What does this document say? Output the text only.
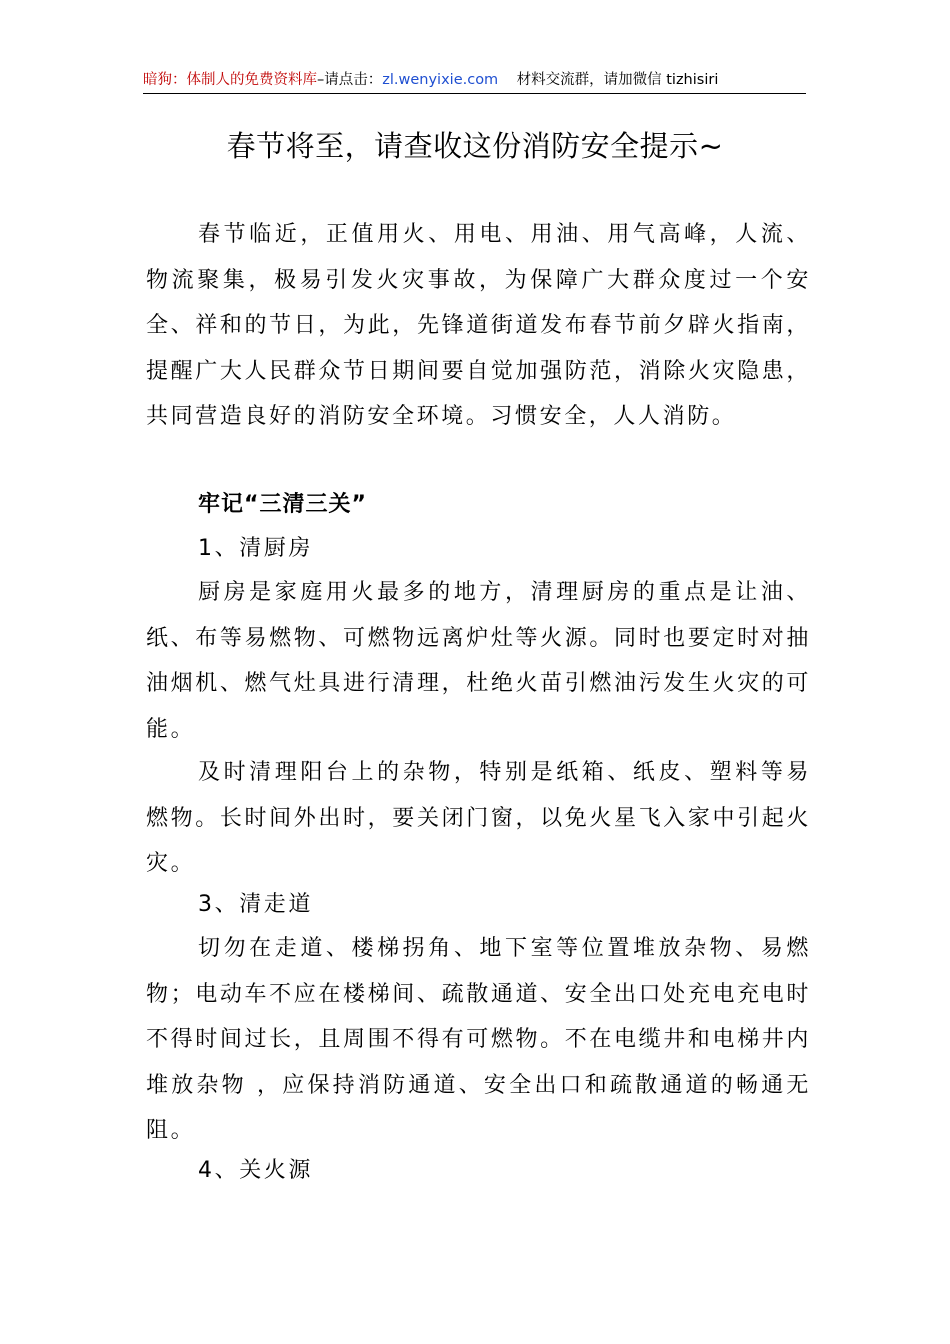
暗狗：体制人的免费资料库–请点击：zl.wenyixie.com 材料交流群，请加微信 tizhisiri
春节将至，请查收这份消防安全提示~

春节临近，正值用火、用电、用油、用气高峰，人流、物流聚集，极易引发火灾事故，为保障广大群众度过一个安全、祥和的节日，为此，先锋道街道发布春节前夕辟火指南，提醒广大人民群众节日期间要自觉加强防范，消除火灾隐患，共同营造良好的消防安全环境。习惯安全，人人消防。

牢记“三清三关”

1、清厨房

厨房是家庭用火最多的地方，清理厨房的重点是让油、纸、布等易燃物、可燃物远离炉灶等火源。同时也要定时对抽油烟机、燃气灶具进行清理，杜绝火苗引燃油污发生火灾的可能。

及时清理阳台上的杂物，特别是纸箱、纸皮、塑料等易燃物。长时间外出时，要关闭门窗，以免火星飞入家中引起火灾。

3、清走道

切勿在走道、楼梯拐角、地下室等位置堆放杂物、易燃物；电动车不应在楼梯间、疏散通道、安全出口处充电充电时不得时间过长，且周围不得有可燃物。不在电缆井和电梯井内堆放杂物 ，应保持消防通道、安全出口和疏散通道的畅通无阻。

4、关火源
